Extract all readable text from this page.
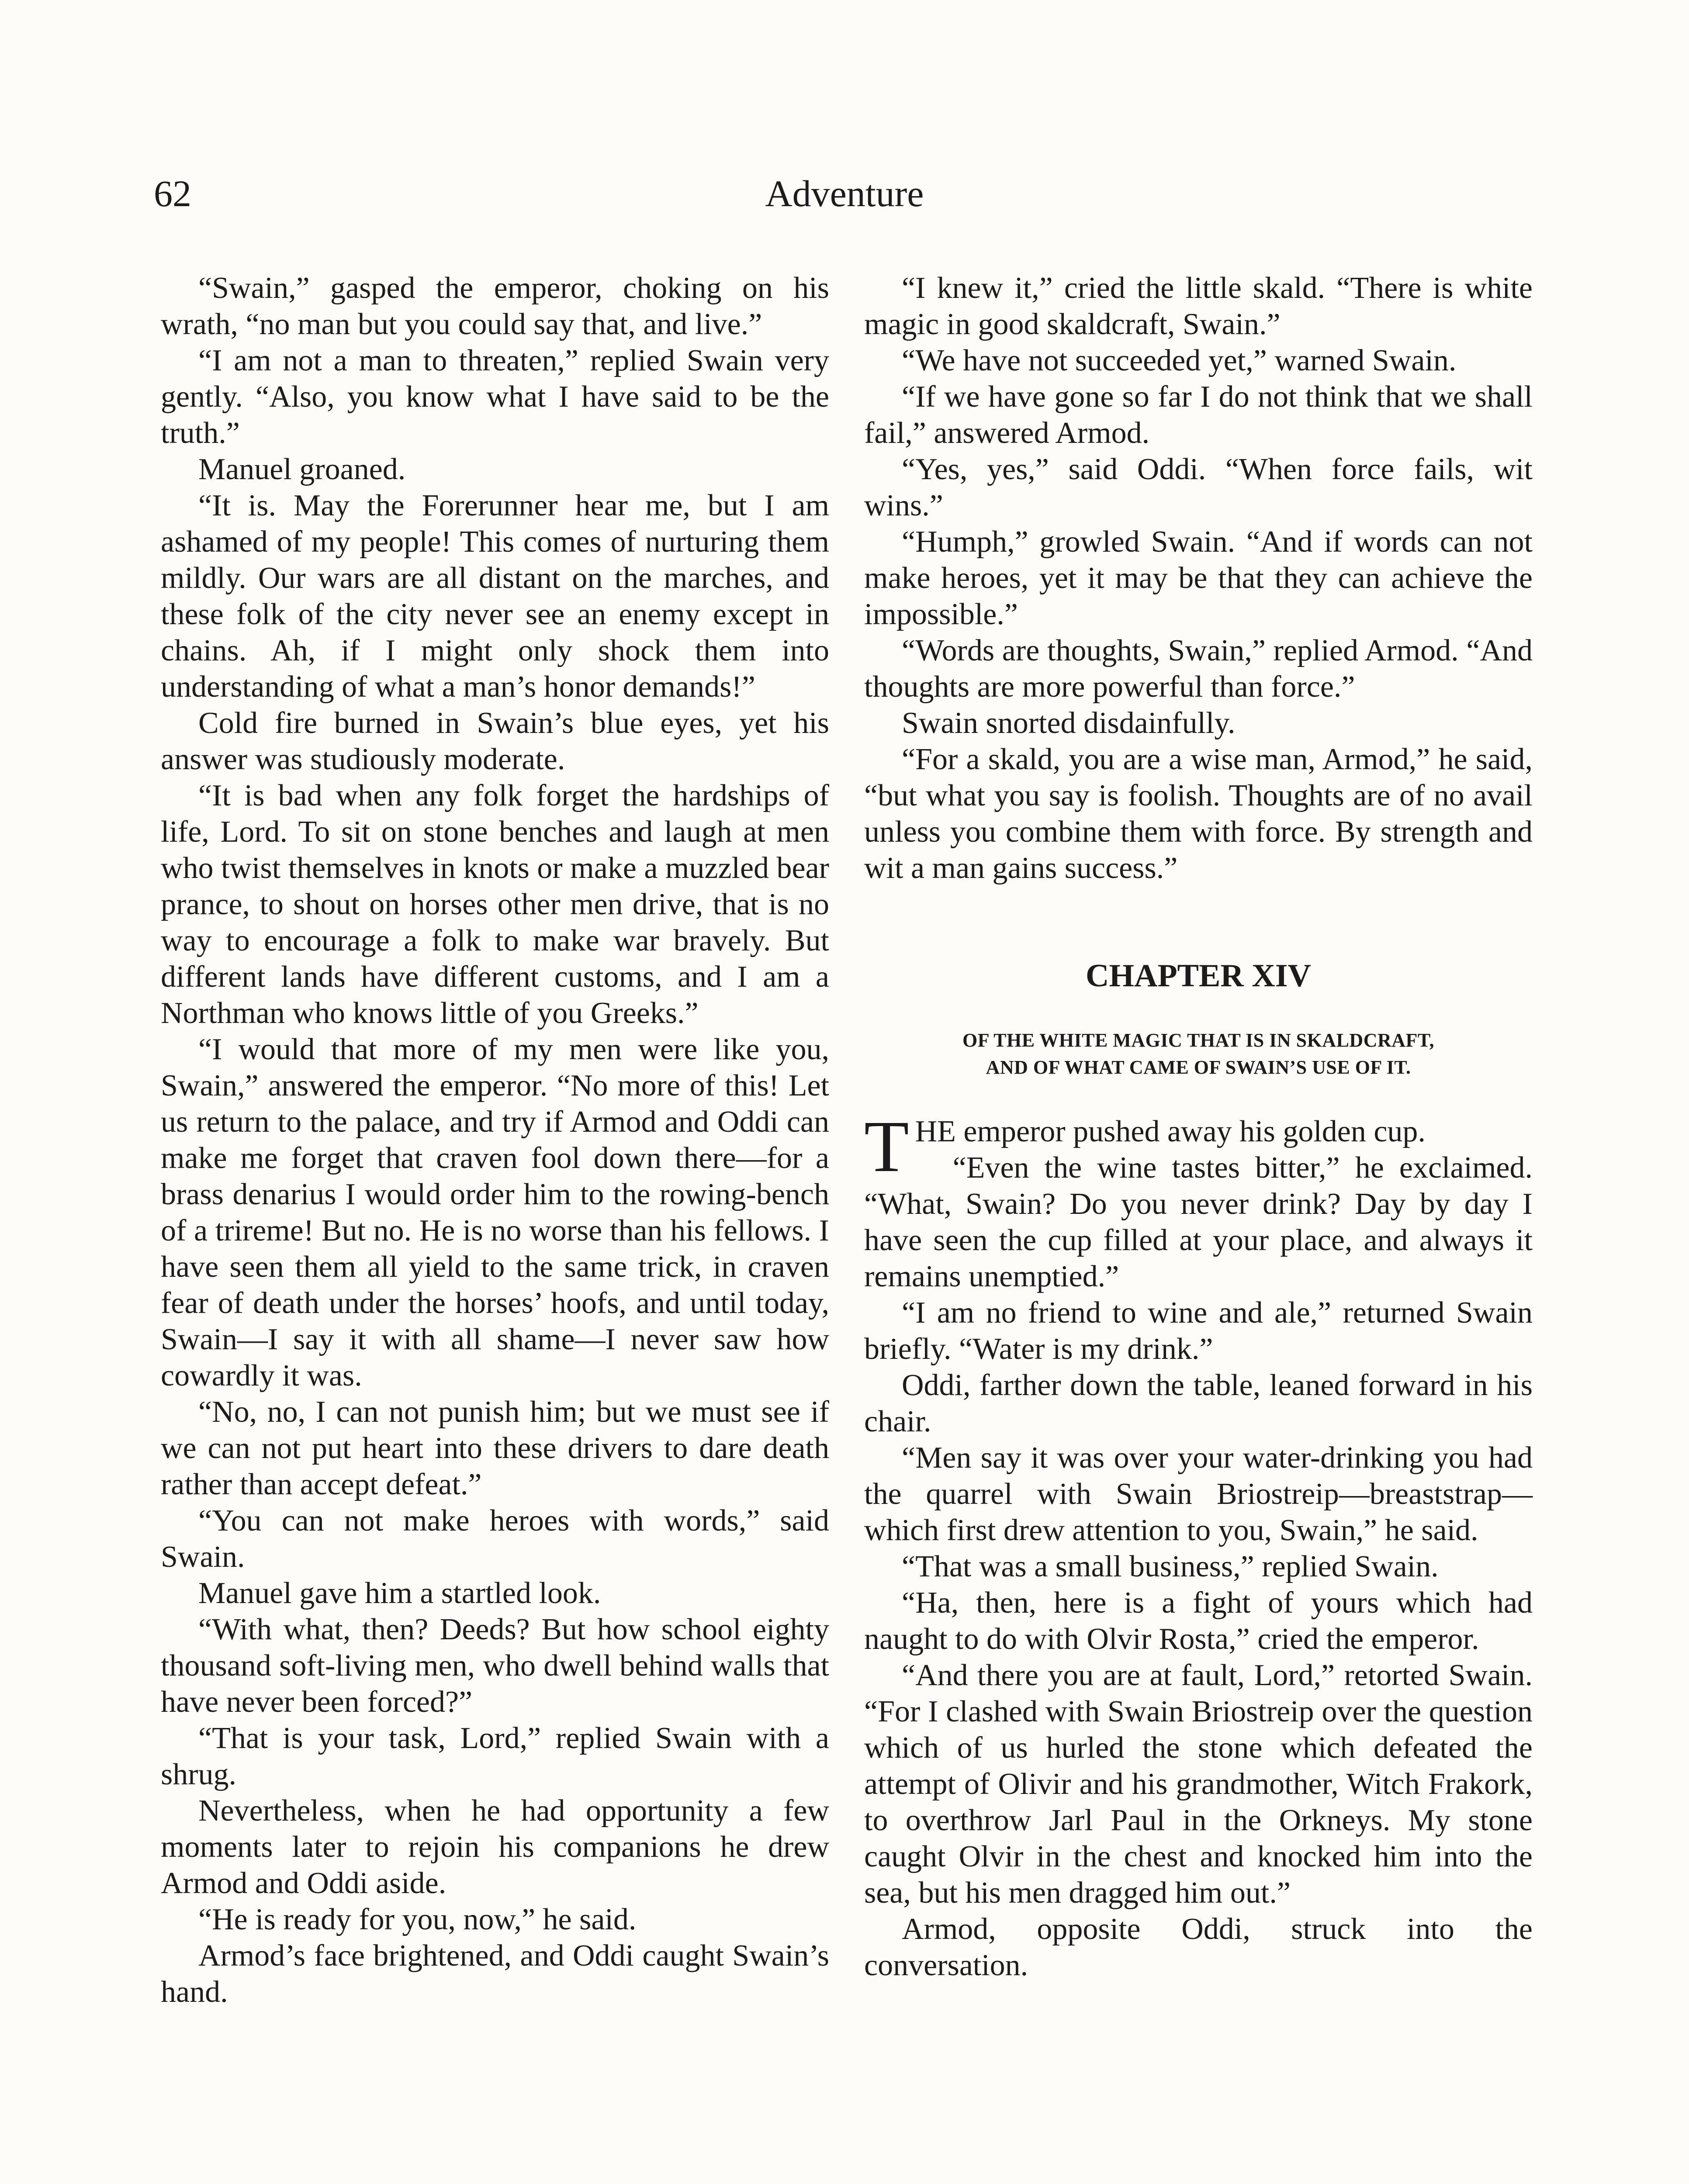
62	Adventure

“Swain,” gasped the emperor, choking on his wrath, “no man but you could say that, and live.”

“I am not a man to threaten,” replied Swain very gently. “Also, you know what I have said to be the truth.”

Manuel groaned.

“It is. May the Forerunner hear me, but I am ashamed of my people! This comes of nurturing them mildly. Our wars are all distant on the marches, and these folk of the city never see an enemy except in chains. Ah, if I might only shock them into understanding of what a man’s honor demands!”

Cold fire burned in Swain’s blue eyes, yet his answer was studiously moderate.

“It is bad when any folk forget the hardships of life, Lord. To sit on stone benches and laugh at men who twist themselves in knots or make a muzzled bear prance, to shout on horses other men drive, that is no way to encourage a folk to make war bravely. But different lands have different customs, and I am a Northman who knows little of you Greeks.”

“I would that more of my men were like you, Swain,” answered the emperor. “No more of this! Let us return to the palace, and try if Armod and Oddi can make me forget that craven fool down there—for a brass denarius I would order him to the rowing-bench of a trireme! But no. He is no worse than his fellows. I have seen them all yield to the same trick, in craven fear of death under the horses’ hoofs, and until today, Swain—I say it with all shame—I never saw how cowardly it was.

“No, no, I can not punish him; but we must see if we can not put heart into these drivers to dare death rather than accept defeat.”

“You can not make heroes with words,” said Swain.

Manuel gave him a startled look.

“With what, then? Deeds? But how school eighty thousand soft-living men, who dwell behind walls that have never been forced?”

“That is your task, Lord,” replied Swain with a shrug.

Nevertheless, when he had opportunity a few moments later to rejoin his companions he drew Armod and Oddi aside.

“He is ready for you, now,” he said.

Armod’s face brightened, and Oddi caught Swain’s hand.

“I knew it,” cried the little skald. “There is white magic in good skaldcraft, Swain.”

“We have not succeeded yet,” warned Swain.

“If we have gone so far I do not think that we shall fail,” answered Armod.

“Yes, yes,” said Oddi. “When force fails, wit wins.”

“Humph,” growled Swain. “And if words can not make heroes, yet it may be that they can achieve the impossible.”

“Words are thoughts, Swain,” replied Armod. “And thoughts are more powerful than force.”

Swain snorted disdainfully.

“For a skald, you are a wise man, Armod,” he said, “but what you say is foolish. Thoughts are of no avail unless you combine them with force. By strength and wit a man gains success.”

CHAPTER XIV
OF THE WHITE MAGIC THAT IS IN SKALDCRAFT,
AND OF WHAT CAME OF SWAIN’S USE OF IT.

THE emperor pushed away his golden cup.

“Even the wine tastes bitter,” he exclaimed. “What, Swain? Do you never drink? Day by day I have seen the cup filled at your place, and always it remains unemptied.”

“I am no friend to wine and ale,” returned Swain briefly. “Water is my drink.”

Oddi, farther down the table, leaned forward in his chair.

“Men say it was over your water-drinking you had the quarrel with Swain Briostreip—breaststrap—which first drew attention to you, Swain,” he said.

“That was a small business,” replied Swain.

“Ha, then, here is a fight of yours which had naught to do with Olvir Rosta,” cried the emperor.

“And there you are at fault, Lord,” retorted Swain. “For I clashed with Swain Briostreip over the question which of us hurled the stone which defeated the attempt of Olivir and his grandmother, Witch Frakork, to overthrow Jarl Paul in the Orkneys. My stone caught Olvir in the chest and knocked him into the sea, but his men dragged him out.”

Armod, opposite Oddi, struck into the conversation.
